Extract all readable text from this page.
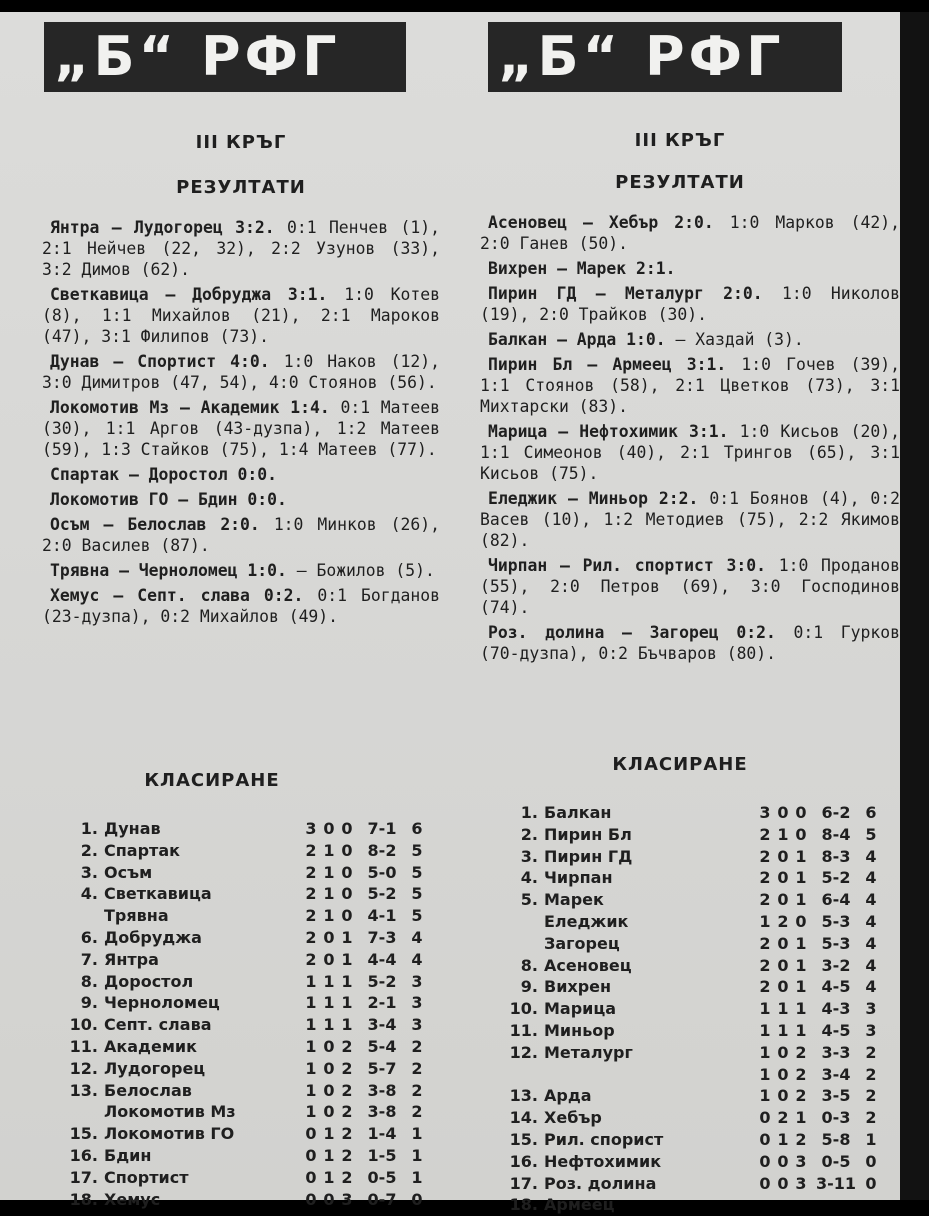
„Б“ РФГ
III КРЪГ
РЕЗУЛТАТИ
КЛАСИРАНЕ
1.	Дунав	3	0	0	7-1	6
2.	Спартак	2	1	0	8-2	5
3.	Осъм	2	1	0	5-0	5
4.	Светкавица	2	1	0	5-2	5
	Трявна	2	1	0	4-1	5
6.	Добруджа	2	0	1	7-3	4
7.	Янтра	2	0	1	4-4	4
8.	Доростол	1	1	1	5-2	3
9.	Черноломец	1	1	1	2-1	3
10.	Септ. слава	1	1	1	3-4	3
11.	Академик	1	0	2	5-4	2
12.	Лудогорец	1	0	2	5-7	2
13.	Белослав	1	0	2	3-8	2
	Локомотив Мз	1	0	2	3-8	2
15.	Локомотив ГО	0	1	2	1-4	1
16.	Бдин	0	1	2	1-5	1
17.	Спортист	0	1	2	0-5	1
18.	Хемус	0	0	3	0-7	0
Янтра — Лудогорец 3:2. 0:1 Пенчев (1), 2:1 Нейчев (22, 32), 2:2 Узунов (33), 3:2 Димов (62).
Светкавица — Добруджа 3:1. 1:0 Котев (8), 1:1 Михайлов (21), 2:1 Мароков (47), 3:1 Филипов (73).
Дунав — Спортист 4:0. 1:0 Наков (12), 3:0 Димитров (47, 54), 4:0 Стоянов (56).
Локомотив Мз — Академик 1:4. 0:1 Матеев (30), 1:1 Аргов (43-дузпа), 1:2 Матеев (59), 1:3 Стайков (75), 1:4 Матеев (77).
Спартак — Доростол 0:0.
Локомотив ГО — Бдин 0:0.
Осъм — Белослав 2:0. 1:0 Минков (26), 2:0 Василев (87).
Трявна — Черноломец 1:0. — Божилов (5).
Хемус — Септ. слава 0:2. 0:1 Богданов (23-дузпа), 0:2 Михайлов (49).
„Б“ РФГ
III КРЪГ
РЕЗУЛТАТИ
КЛАСИРАНЕ
1.	Балкан	3	0	0	6-2	6
2.	Пирин Бл	2	1	0	8-4	5
3.	Пирин ГД	2	0	1	8-3	4
4.	Чирпан	2	0	1	5-2	4
5.	Марек	2	0	1	6-4	4
	Еледжик	1	2	0	5-3	4
	Загорец	2	0	1	5-3	4
8.	Асеновец	2	0	1	3-2	4
9.	Вихрен	2	0	1	4-5	4
10.	Марица	1	1	1	4-3	3
11.	Миньор	1	1	1	4-5	3
12.	Металург	1	0	2	3-3	2
		1	0	2	3-4	2
13.	Арда	1	0	2	3-5	2
14.	Хебър	0	2	1	0-3	2
15.	Рил. спорист	0	1	2	5-8	1
16.	Нефтохимик	0	0	3	0-5	0
17.	Роз. долина	0	0	3	3-11	0
18.	Армеец					
Асеновец — Хебър 2:0. 1:0 Марков (42), 2:0 Ганев (50).
Вихрен — Марек 2:1.
Пирин ГД — Металург 2:0. 1:0 Николов (19), 2:0 Трайков (30).
Балкан — Арда 1:0. — Хаздай (3).
Пирин Бл — Армеец 3:1. 1:0 Гочев (39), 1:1 Стоянов (58), 2:1 Цветков (73), 3:1 Михтарски (83).
Марица — Нефтохимик 3:1. 1:0 Кисьов (20), 1:1 Симеонов (40), 2:1 Трингов (65), 3:1 Кисьов (75).
Еледжик — Миньор 2:2. 0:1 Боянов (4), 0:2 Васев (10), 1:2 Методиев (75), 2:2 Якимов (82).
Чирпан — Рил. спортист 3:0. 1:0 Проданов (55), 2:0 Петров (69), 3:0 Господинов (74).
Роз. долина — Загорец 0:2. 0:1 Гурков (70-дузпа), 0:2 Бъчваров (80).
